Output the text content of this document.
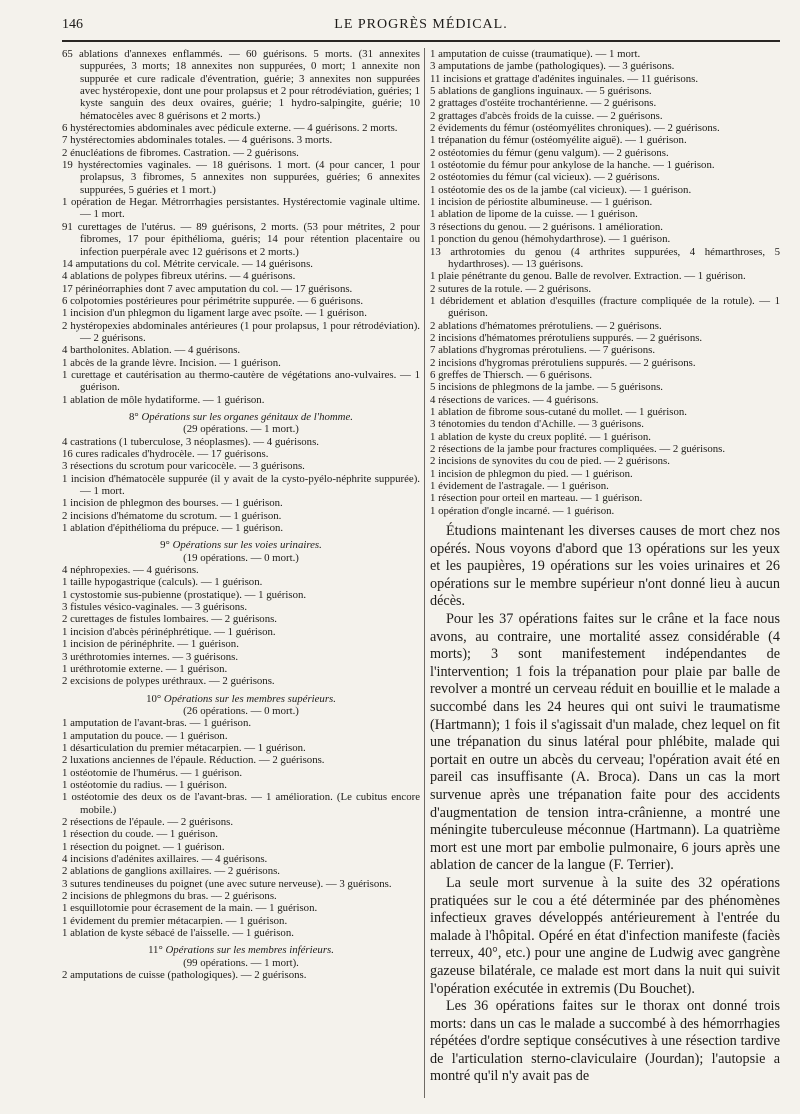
146	LE PROGRÈS MÉDICAL.

65 ablations d'annexes enflammés. — 60 guérisons. 5 morts. (31 annexites suppurées, 3 morts; 18 annexites non suppurées, 0 mort; 1 annexite non suppurée et cure radicale d'éventration, guérie; 3 annexites non suppurées avec hystéropexie, dont une pour prolapsus et 2 pour rétrodéviation, guéries; 1 kyste sanguin des deux ovaires, guérie; 1 hydro-salpingite, guérie; 10 hématocèles avec 8 guérisons et 2 morts.)

6 hystérectomies abdominales avec pédicule externe. — 4 guérisons. 2 morts.

7 hystérectomies abdominales totales. — 4 guérisons. 3 morts.

2 énucléations de fibromes. Castration. — 2 guérisons.

19 hystérectomies vaginales. — 18 guérisons. 1 mort. (4 pour cancer, 1 pour prolapsus, 3 fibromes, 5 annexites non suppurées, guéries; 6 annexites suppurées, 5 guéries et 1 mort.)

1 opération de Hegar. Métrorrhagies persistantes. Hystérectomie vaginale ultime. — 1 mort.

91 curettages de l'utérus. — 89 guérisons, 2 morts. (53 pour métrites, 2 pour fibromes, 17 pour épithélioma, guéris; 14 pour rétention placentaire ou infection puerpérale avec 12 guérisons et 2 morts.)

14 amputations du col. Métrite cervicale. — 14 guérisons.

4 ablations de polypes fibreux utérins. — 4 guérisons.

17 périnéorraphies dont 7 avec amputation du col. — 17 guérisons.

6 colpotomies postérieures pour périmétrite suppurée. — 6 guérisons.

1 incision d'un phlegmon du ligament large avec psoïte. — 1 guérison.

2 hystéropexies abdominales antérieures (1 pour prolapsus, 1 pour rétrodéviation). — 2 guérisons.

4 bartholonites. Ablation. — 4 guérisons.

1 abcès de la grande lèvre. Incision. — 1 guérison.

1 curettage et cautérisation au thermo-cautère de végétations ano-vulvaires. — 1 guérison.

1 ablation de môle hydatiforme. — 1 guérison.

8° Opérations sur les organes génitaux de l'homme.

(29 opérations. — 1 mort.)

4 castrations (1 tuberculose, 3 néoplasmes). — 4 guérisons.

16 cures radicales d'hydrocèle. — 17 guérisons.

3 résections du scrotum pour varicocèle. — 3 guérisons.

1 incision d'hématocèle suppurée (il y avait de la cysto-pyélo-néphrite suppurée). — 1 mort.

1 incision de phlegmon des bourses. — 1 guérison.

2 incisions d'hématome du scrotum. — 1 guérison.

1 ablation d'épithélioma du prépuce. — 1 guérison.

9° Opérations sur les voies urinaires.

(19 opérations. — 0 mort.)

4 néphropexies. — 4 guérisons.

1 taille hypogastrique (calculs). — 1 guérison.

1 cystostomie sus-pubienne (prostatique). — 1 guérison.

3 fistules vésico-vaginales. — 3 guérisons.

2 curettages de fistules lombaires. — 2 guérisons.

1 incision d'abcès périnéphrétique. — 1 guérison.

1 incision de périnéphrite. — 1 guérison.

3 uréthrotomies internes. — 3 guérisons.

1 uréthrotomie externe. — 1 guérison.

2 excisions de polypes uréthraux. — 2 guérisons.

10° Opérations sur les membres supérieurs.

(26 opérations. — 0 mort.)

1 amputation de l'avant-bras. — 1 guérison.

1 amputation du pouce. — 1 guérison.

1 désarticulation du premier métacarpien. — 1 guérison.

2 luxations anciennes de l'épaule. Réduction. — 2 guérisons.

1 ostéotomie de l'humérus. — 1 guérison.

1 ostéotomie du radius. — 1 guérison.

1 ostéotomie des deux os de l'avant-bras. — 1 amélioration. (Le cubitus encore mobile.)

2 résections de l'épaule. — 2 guérisons.

1 résection du coude. — 1 guérison.

1 résection du poignet. — 1 guérison.

4 incisions d'adénites axillaires. — 4 guérisons.

2 ablations de ganglions axillaires. — 2 guérisons.

3 sutures tendineuses du poignet (une avec suture nerveuse). — 3 guérisons.

2 incisions de phlegmons du bras. — 2 guérisons.

1 esquillotomie pour écrasement de la main. — 1 guérison.

1 évidement du premier métacarpien. — 1 guérison.

1 ablation de kyste sébacé de l'aisselle. — 1 guérison.

11° Opérations sur les membres inférieurs.

(99 opérations. — 1 mort).

2 amputations de cuisse (pathologiques). — 2 guérisons.

1 amputation de cuisse (traumatique). — 1 mort.

3 amputations de jambe (pathologiques). — 3 guérisons.

11 incisions et grattage d'adénites inguinales. — 11 guérisons.

5 ablations de ganglions inguinaux. — 5 guérisons.

2 grattages d'ostéite trochantérienne. — 2 guérisons.

2 grattages d'abcès froids de la cuisse. — 2 guérisons.

2 évidements du fémur (ostéomyélites chroniques). — 2 guérisons.

1 trépanation du fémur (ostéomyélite aiguë). — 1 guérison.

2 ostéotomies du fémur (genu valgum). — 2 guérisons.

1 ostéotomie du fémur pour ankylose de la hanche. — 1 guérison.

2 ostéotomies du fémur (cal vicieux). — 2 guérisons.

1 ostéotomie des os de la jambe (cal vicieux). — 1 guérison.

1 incision de périostite albumineuse. — 1 guérison.

1 ablation de lipome de la cuisse. — 1 guérison.

3 résections du genou. — 2 guérisons. 1 amélioration.

1 ponction du genou (hémohydarthrose). — 1 guérison.

13 arthrotomies du genou (4 arthrites suppurées, 4 hémarthroses, 5 hydarthroses). — 13 guérisons.

1 plaie pénétrante du genou. Balle de revolver. Extraction. — 1 guérison.

2 sutures de la rotule. — 2 guérisons.

1 débridement et ablation d'esquilles (fracture compliquée de la rotule). — 1 guérison.

2 ablations d'hématomes prérotuliens. — 2 guérisons.

2 incisions d'hématomes prérotuliens suppurés. — 2 guérisons.

7 ablations d'hygromas prérotuliens. — 7 guérisons.

2 incisions d'hygromas prérotuliens suppurés. — 2 guérisons.

6 greffes de Thiersch. — 6 guérisons.

5 incisions de phlegmons de la jambe. — 5 guérisons.

4 résections de varices. — 4 guérisons.

1 ablation de fibrome sous-cutané du mollet. — 1 guérison.

3 ténotomies du tendon d'Achille. — 3 guérisons.

1 ablation de kyste du creux poplité. — 1 guérison.

2 résections de la jambe pour fractures compliquées. — 2 guérisons.

2 incisions de synovites du cou de pied. — 2 guérisons.

1 incision de phlegmon du pied. — 1 guérison.

1 évidement de l'astragale. — 1 guérison.

1 résection pour orteil en marteau. — 1 guérison.

1 opération d'ongle incarné. — 1 guérison.

Étudions maintenant les diverses causes de mort chez nos opérés. Nous voyons d'abord que 13 opérations sur les yeux et les paupières, 19 opérations sur les voies urinaires et 26 opérations sur le membre supérieur n'ont donné lieu à aucun décès.

Pour les 37 opérations faites sur le crâne et la face nous avons, au contraire, une mortalité assez considérable (4 morts); 3 sont manifestement indépendantes de l'intervention; 1 fois la trépanation pour plaie par balle de revolver a montré un cerveau réduit en bouillie et le malade a succombé dans les 24 heures qui ont suivi le traumatisme (Hartmann); 1 fois il s'agissait d'un malade, chez lequel on fit une trépanation du sinus latéral pour phlébite, malade qui portait en outre un abcès du cerveau; l'opération avait été en pareil cas insuffisante (A. Broca). Dans un cas la mort survenue après une trépanation faite pour des accidents d'augmentation de tension intra-crânienne, a montré une méningite tuberculeuse méconnue (Hartmann). La quatrième mort est une mort par embolie pulmonaire, 6 jours après une ablation de cancer de la langue (F. Terrier).

La seule mort survenue à la suite des 32 opérations pratiquées sur le cou a été déterminée par des phénomènes infectieux graves développés antérieurement à l'entrée du malade à l'hôpital. Opéré en état d'infection manifeste (faciès terreux, 40°, etc.) pour une angine de Ludwig avec gangrène gazeuse bilatérale, ce malade est mort dans la nuit qui suivit l'opération exécutée in extremis (Du Bouchet).

Les 36 opérations faites sur le thorax ont donné trois morts: dans un cas le malade a succombé à des hémorrhagies répétées d'ordre septique consécutives à une résection tardive de l'articulation sterno-claviculaire (Jourdan); l'autopsie a montré qu'il n'y avait pas de
